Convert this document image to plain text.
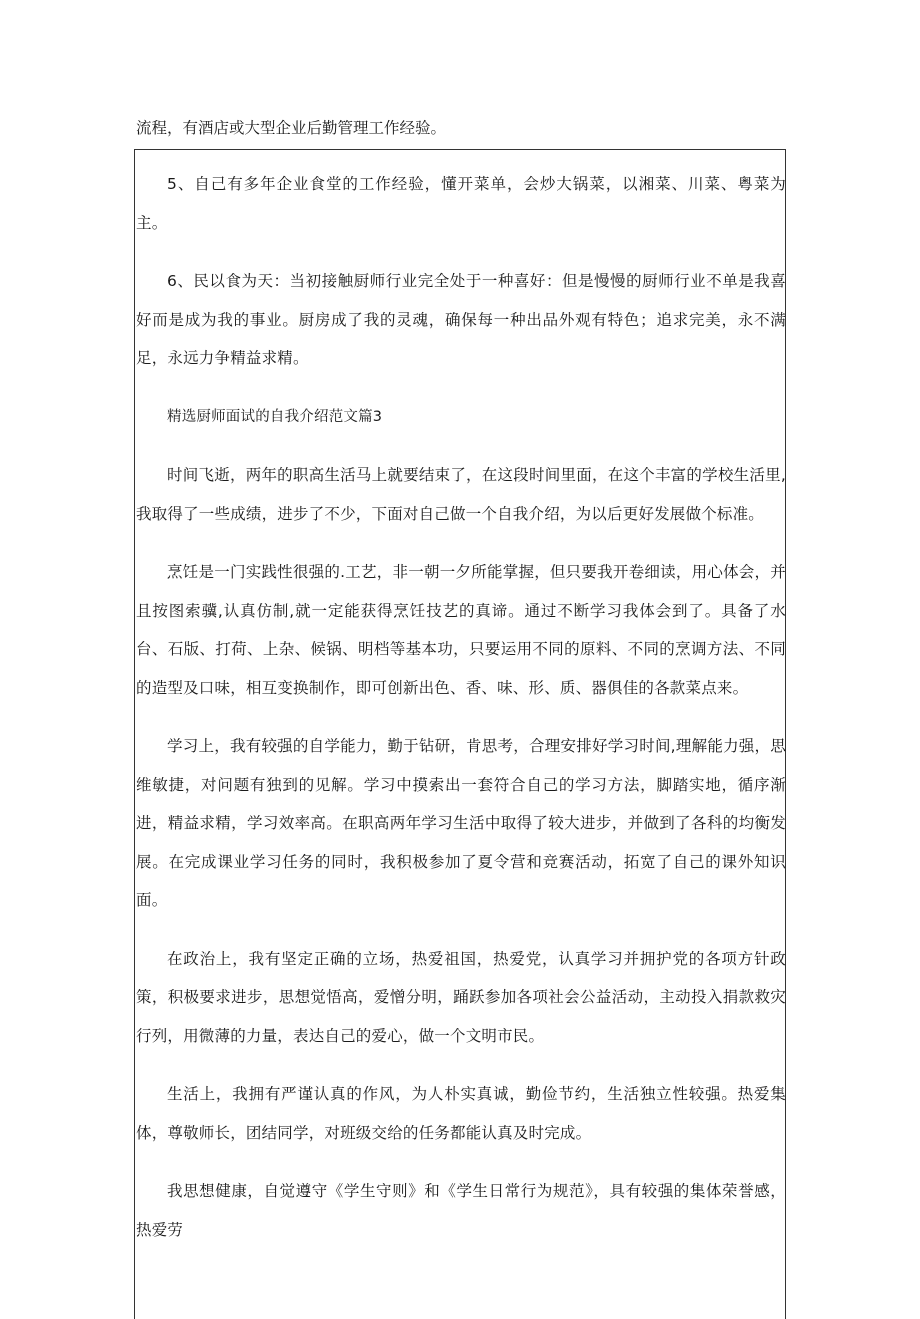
流程，有酒店或大型企业后勤管理工作经验。

5、自己有多年企业食堂的工作经验，懂开菜单，会炒大锅菜，以湘菜、川菜、粤菜为主。

6、民以食为天：当初接触厨师行业完全处于一种喜好：但是慢慢的厨师行业不单是我喜好而是成为我的事业。厨房成了我的灵魂，确保每一种出品外观有特色；追求完美，永不满足，永远力争精益求精。

精选厨师面试的自我介绍范文篇3

时间飞逝，两年的职高生活马上就要结束了，在这段时间里面，在这个丰富的学校生活里,我取得了一些成绩，进步了不少，下面对自己做一个自我介绍，为以后更好发展做个标准。

烹饪是一门实践性很强的.工艺，非一朝一夕所能掌握，但只要我开卷细读，用心体会，并且按图索骥,认真仿制,就一定能获得烹饪技艺的真谛。通过不断学习我体会到了。具备了水台、石版、打荷、上杂、候锅、明档等基本功，只要运用不同的原料、不同的烹调方法、不同的造型及口味，相互变换制作，即可创新出色、香、味、形、质、器俱佳的各款菜点来。

学习上，我有较强的自学能力，勤于钻研，肯思考，合理安排好学习时间,理解能力强，思维敏捷，对问题有独到的见解。学习中摸索出一套符合自己的学习方法，脚踏实地，循序渐进，精益求精，学习效率高。在职高两年学习生活中取得了较大进步，并做到了各科的均衡发展。在完成课业学习任务的同时，我积极参加了夏令营和竞赛活动，拓宽了自己的课外知识面。

在政治上，我有坚定正确的立场，热爱祖国，热爱党，认真学习并拥护党的各项方针政策，积极要求进步，思想觉悟高，爱憎分明，踊跃参加各项社会公益活动，主动投入捐款救灾行列，用微薄的力量，表达自己的爱心，做一个文明市民。

生活上，我拥有严谨认真的作风，为人朴实真诚，勤俭节约，生活独立性较强。热爱集体，尊敬师长，团结同学，对班级交给的任务都能认真及时完成。

我思想健康，自觉遵守《学生守则》和《学生日常行为规范》，具有较强的集体荣誉感，热爱劳
